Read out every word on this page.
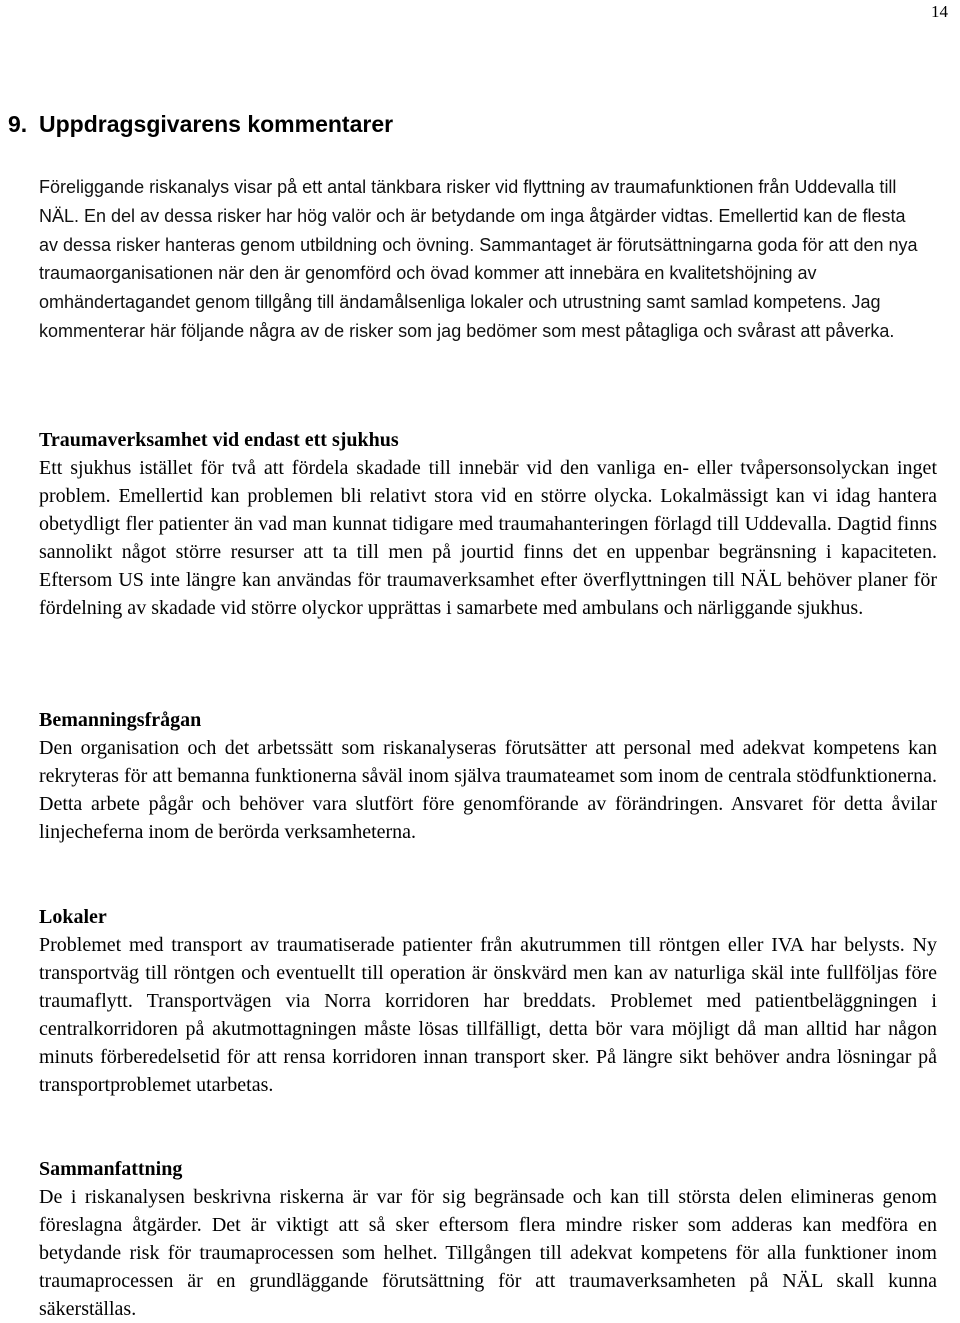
14
9. Uppdragsgivarens kommentarer

Föreliggande riskanalys visar på ett antal tänkbara risker vid flyttning av traumafunktionen från Uddevalla till NÄL. En del av dessa risker har hög valör och är betydande om inga åtgärder vidtas. Emellertid kan de flesta av dessa risker hanteras genom utbildning och övning. Sammantaget är förutsättningarna goda för att den nya traumaorganisationen när den är genomförd och övad kommer att innebära en kvalitetshöjning av omhändertagandet genom tillgång till ändamålsenliga lokaler och utrustning samt samlad kompetens. Jag kommenterar här följande några av de risker som jag bedömer som mest påtagliga och svårast att påverka.

Traumaverksamhet vid endast ett sjukhus

Ett sjukhus istället för två att fördela skadade till innebär vid den vanliga en- eller tvåpersonsolyckan inget problem. Emellertid kan problemen bli relativt stora vid en större olycka. Lokalmässigt kan vi idag hantera obetydligt fler patienter än vad man kunnat tidigare med traumahanteringen förlagd till Uddevalla. Dagtid finns sannolikt något större resurser att ta till men på jourtid finns det en uppenbar begränsning i kapaciteten. Eftersom US inte längre kan användas för traumaverksamhet efter överflyttningen till NÄL behöver planer för fördelning av skadade vid större olyckor upprättas i samarbete med ambulans och närliggande sjukhus.

Bemanningsfrågan

Den organisation och det arbetssätt som riskanalyseras förutsätter att personal med adekvat kompetens kan rekryteras för att bemanna funktionerna såväl inom själva traumateamet som inom de centrala stödfunktionerna. Detta arbete pågår och behöver vara slutfört före genomförande av förändringen. Ansvaret för detta åvilar linjecheferna inom de berörda verksamheterna.

Lokaler

Problemet med transport av traumatiserade patienter från akutrummen till röntgen eller IVA har belysts. Ny transportväg till röntgen och eventuellt till operation är önskvärd men kan av naturliga skäl inte fullföljas före traumaflytt. Transportvägen via Norra korridoren har breddats. Problemet med patientbeläggningen i centralkorridoren på akutmottagningen måste lösas tillfälligt, detta bör vara möjligt då man alltid har någon minuts förberedelsetid för att rensa korridoren innan transport sker. På längre sikt behöver andra lösningar på transportproblemet utarbetas.

Sammanfattning

De i riskanalysen beskrivna riskerna är var för sig begränsade och kan till största delen elimineras genom föreslagna åtgärder. Det är viktigt att så sker eftersom flera mindre risker som adderas kan medföra en betydande risk för traumaprocessen som helhet. Tillgången till adekvat kompetens för alla funktioner inom traumaprocessen är en grundläggande förutsättning för att traumaverksamheten på NÄL skall kunna säkerställas.
